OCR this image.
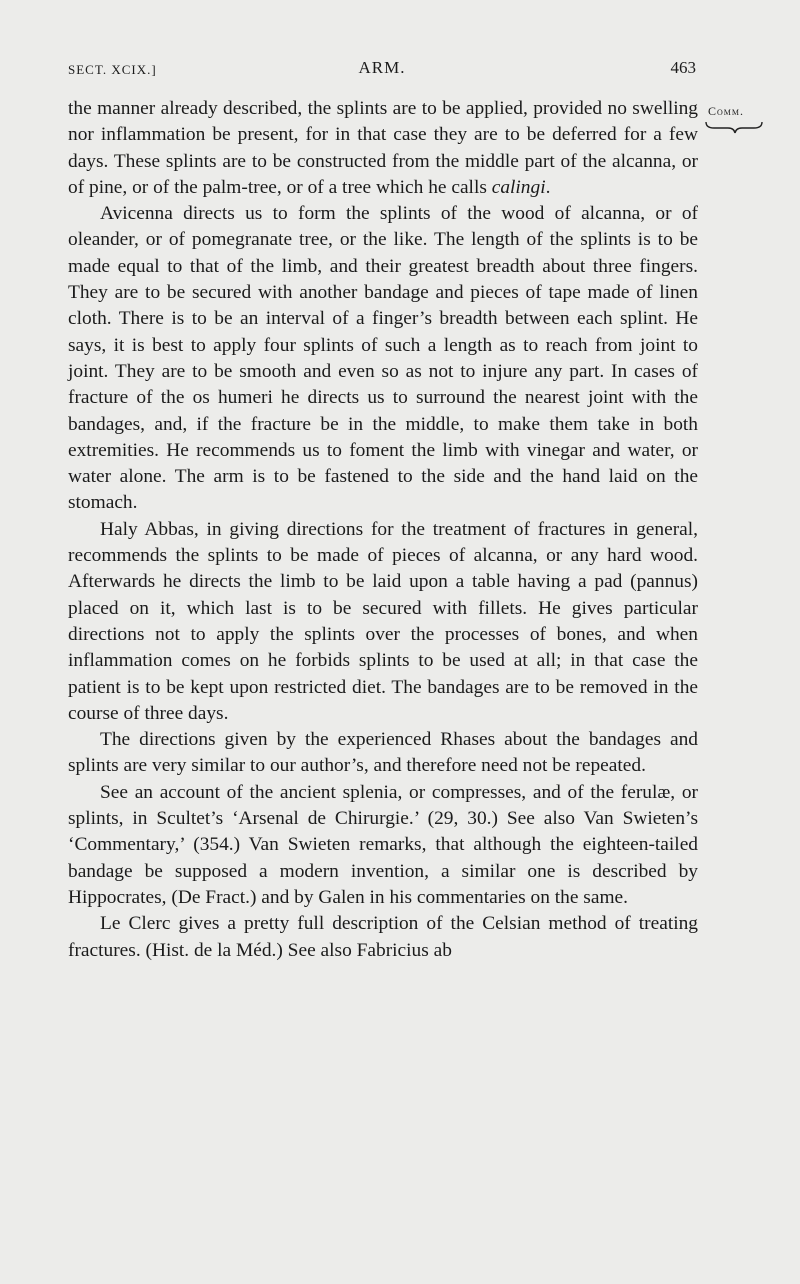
SECT. XCIX.]	ARM.	463
Comm.

the manner already described, the splints are to be applied, provided no swelling nor inflammation be present, for in that case they are to be deferred for a few days. These splints are to be constructed from the middle part of the alcanna, or of pine, or of the palm-tree, or of a tree which he calls calingi.

Avicenna directs us to form the splints of the wood of alcanna, or of oleander, or of pomegranate tree, or the like. The length of the splints is to be made equal to that of the limb, and their greatest breadth about three fingers. They are to be secured with another bandage and pieces of tape made of linen cloth. There is to be an interval of a finger’s breadth between each splint. He says, it is best to apply four splints of such a length as to reach from joint to joint. They are to be smooth and even so as not to injure any part. In cases of fracture of the os humeri he directs us to surround the nearest joint with the bandages, and, if the fracture be in the middle, to make them take in both extremities. He recommends us to foment the limb with vinegar and water, or water alone. The arm is to be fastened to the side and the hand laid on the stomach.

Haly Abbas, in giving directions for the treatment of fractures in general, recommends the splints to be made of pieces of alcanna, or any hard wood. Afterwards he directs the limb to be laid upon a table having a pad (pannus) placed on it, which last is to be secured with fillets. He gives particular directions not to apply the splints over the processes of bones, and when inflammation comes on he forbids splints to be used at all; in that case the patient is to be kept upon restricted diet. The bandages are to be removed in the course of three days.

The directions given by the experienced Rhases about the bandages and splints are very similar to our author’s, and therefore need not be repeated.

See an account of the ancient splenia, or compresses, and of the ferulæ, or splints, in Scultet’s ‘Arsenal de Chirurgie.’ (29, 30.) See also Van Swieten’s ‘Commentary,’ (354.) Van Swieten remarks, that although the eighteen-tailed bandage be supposed a modern invention, a similar one is described by Hippocrates, (De Fract.) and by Galen in his commentaries on the same.

Le Clerc gives a pretty full description of the Celsian method of treating fractures. (Hist. de la Méd.) See also Fabricius ab
